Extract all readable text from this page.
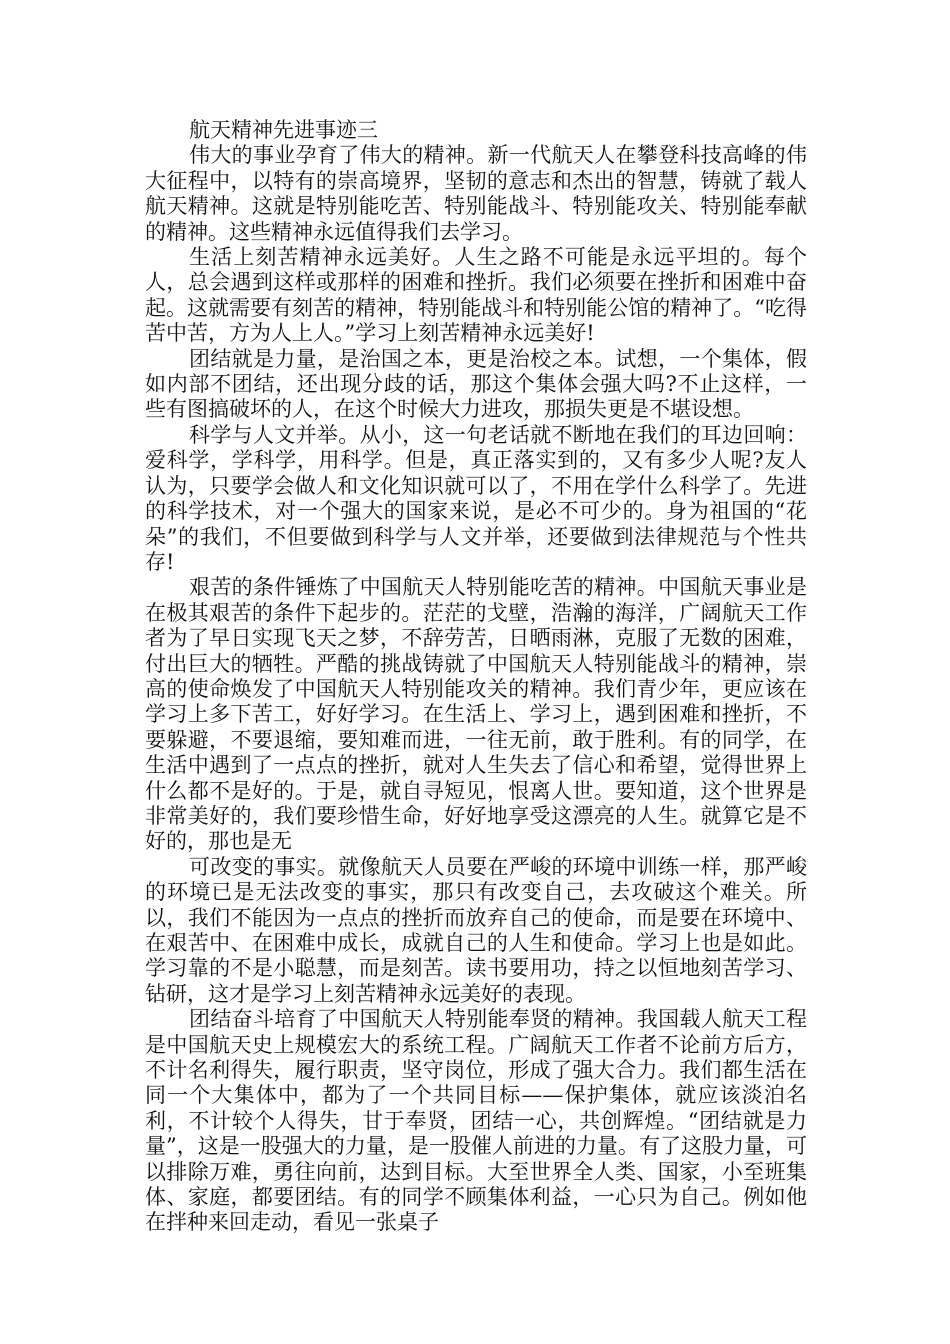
航天精神先进事迹三

伟大的事业孕育了伟大的精神。新一代航天人在攀登科技高峰的伟大征程中，以特有的崇高境界，坚韧的意志和杰出的智慧，铸就了载人航天精神。这就是特别能吃苦、特别能战斗、特别能攻关、特别能奉献的精神。这些精神永远值得我们去学习。

生活上刻苦精神永远美好。人生之路不可能是永远平坦的。每个人，总会遇到这样或那样的困难和挫折。我们必须要在挫折和困难中奋起。这就需要有刻苦的精神，特别能战斗和特别能公馆的精神了。“吃得苦中苦，方为人上人。”学习上刻苦精神永远美好!

团结就是力量，是治国之本，更是治校之本。试想，一个集体，假如内部不团结，还出现分歧的话，那这个集体会强大吗?不止这样，一些有图搞破坏的人，在这个时候大力进攻，那损失更是不堪设想。

科学与人文并举。从小，这一句老话就不断地在我们的耳边回响：爱科学，学科学，用科学。但是，真正落实到的，又有多少人呢?友人认为，只要学会做人和文化知识就可以了，不用在学什么科学了。先进的科学技术，对一个强大的国家来说，是必不可少的。身为祖国的“花朵”的我们，不但要做到科学与人文并举，还要做到法律规范与个性共存!

艰苦的条件锤炼了中国航天人特别能吃苦的精神。中国航天事业是在极其艰苦的条件下起步的。茫茫的戈壁，浩瀚的海洋，广阔航天工作者为了早日实现飞天之梦，不辞劳苦，日晒雨淋，克服了无数的困难，付出巨大的牺牲。严酷的挑战铸就了中国航天人特别能战斗的精神，崇高的使命焕发了中国航天人特别能攻关的精神。我们青少年，更应该在学习上多下苦工，好好学习。在生活上、学习上，遇到困难和挫折，不要躲避，不要退缩，要知难而进，一往无前，敢于胜利。有的同学，在生活中遇到了一点点的挫折，就对人生失去了信心和希望，觉得世界上什么都不是好的。于是，就自寻短见，恨离人世。要知道，这个世界是非常美好的，我们要珍惜生命，好好地享受这漂亮的人生。就算它是不好的，那也是无

可改变的事实。就像航天人员要在严峻的环境中训练一样，那严峻的环境已是无法改变的事实，那只有改变自己，去攻破这个难关。所以，我们不能因为一点点的挫折而放弃自己的使命，而是要在环境中、在艰苦中、在困难中成长，成就自己的人生和使命。学习上也是如此。学习靠的不是小聪慧，而是刻苦。读书要用功，持之以恒地刻苦学习、钻研，这才是学习上刻苦精神永远美好的表现。

团结奋斗培育了中国航天人特别能奉贤的精神。我国载人航天工程是中国航天史上规模宏大的系统工程。广阔航天工作者不论前方后方，不计名利得失，履行职责，坚守岗位，形成了强大合力。我们都生活在同一个大集体中，都为了一个共同目标——保护集体，就应该淡泊名利，不计较个人得失，甘于奉贤，团结一心，共创辉煌。“团结就是力量”，这是一股强大的力量，是一股催人前进的力量。有了这股力量，可以排除万难，勇往向前，达到目标。大至世界全人类、国家，小至班集体、家庭，都要团结。有的同学不顾集体利益，一心只为自己。例如他在拌种来回走动，看见一张桌子
